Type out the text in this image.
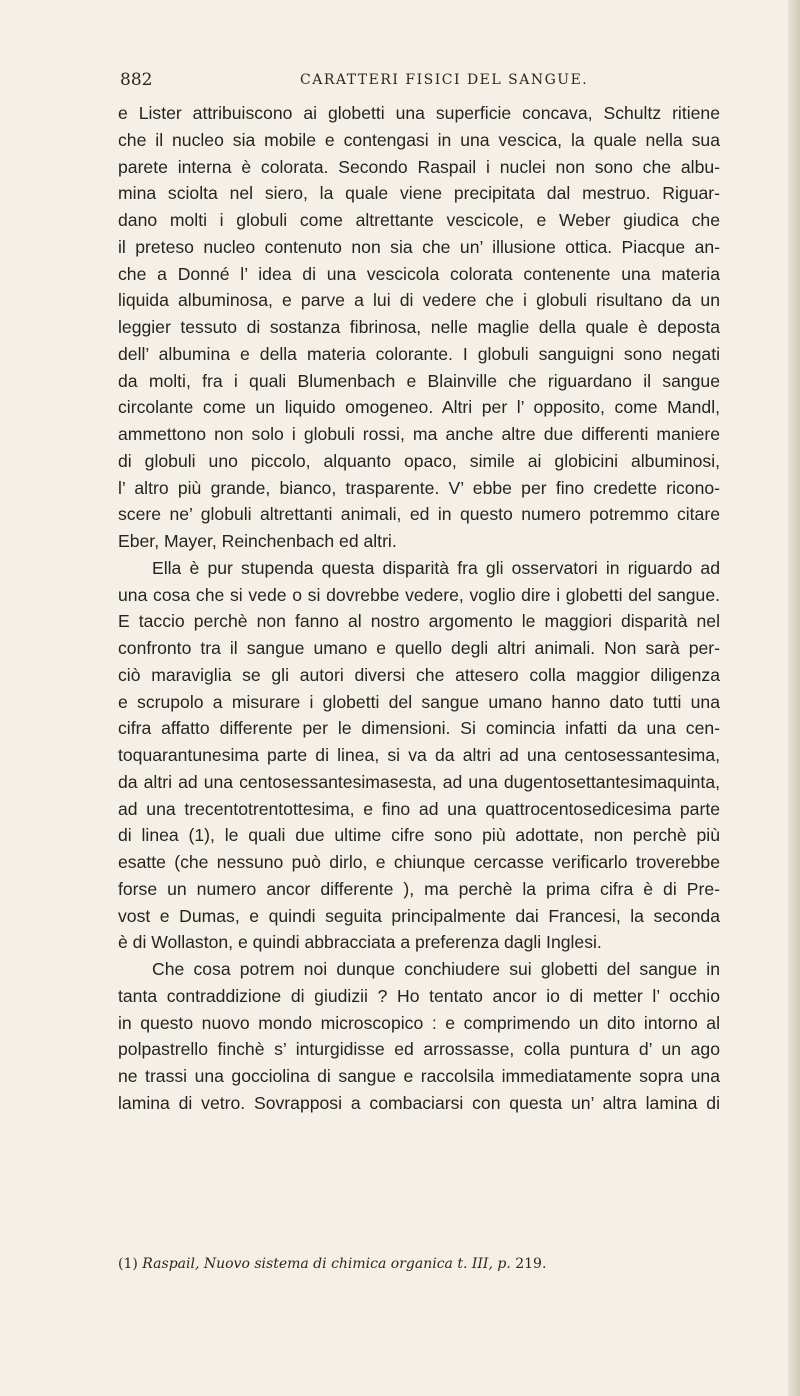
882	CARATTERI FISICI DEL SANGUE.
e Lister attribuiscono ai globetti una superficie concava, Schultz ritiene
che il nucleo sia mobile e contengasi in una vescica, la quale nella sua
parete interna è colorata. Secondo Raspail i nuclei non sono che albu-
mina sciolta nel siero, la quale viene precipitata dal mestruo. Riguar-
dano molti i globuli come altrettante vescicole, e Weber giudica che
il preteso nucleo contenuto non sia che un’ illusione ottica. Piacque an-
che a Donné l’ idea di una vescicola colorata contenente una materia
liquida albuminosa, e parve a lui di vedere che i globuli risultano da un
leggier tessuto di sostanza fibrinosa, nelle maglie della quale è deposta
dell’ albumina e della materia colorante. I globuli sanguigni sono negati
da molti, fra i quali Blumenbach e Blainville che riguardano il sangue
circolante come un liquido omogeneo. Altri per l’ opposito, come Mandl,
ammettono non solo i globuli rossi, ma anche altre due differenti maniere
di globuli uno piccolo, alquanto opaco, simile ai globicini albuminosi,
l’ altro più grande, bianco, trasparente. V’ ebbe per fino credette ricono-
scere ne’ globuli altrettanti animali, ed in questo numero potremmo citare
Eber, Mayer, Reinchenbach ed altri.
Ella è pur stupenda questa disparità fra gli osservatori in riguardo ad
una cosa che si vede o si dovrebbe vedere, voglio dire i globetti del sangue.
E taccio perchè non fanno al nostro argomento le maggiori disparità nel
confronto tra il sangue umano e quello degli altri animali. Non sarà per-
ciò maraviglia se gli autori diversi che attesero colla maggior diligenza
e scrupolo a misurare i globetti del sangue umano hanno dato tutti una
cifra affatto differente per le dimensioni. Si comincia infatti da una cen-
toquarantunesima parte di linea, si va da altri ad una centosessantesima,
da altri ad una centosessantesimasesta, ad una dugentosettantesimaquinta,
ad una trecentotrentottesima, e fino ad una quattrocentosedicesima parte
di linea (1), le quali due ultime cifre sono più adottate, non perchè più
esatte (che nessuno può dirlo, e chiunque cercasse verificarlo troverebbe
forse un numero ancor differente ), ma perchè la prima cifra è di Pre-
vost e Dumas, e quindi seguita principalmente dai Francesi, la seconda
è di Wollaston, e quindi abbracciata a preferenza dagli Inglesi.
Che cosa potrem noi dunque conchiudere sui globetti del sangue in
tanta contraddizione di giudizii ? Ho tentato ancor io di metter l’ occhio
in questo nuovo mondo microscopico : e comprimendo un dito intorno al
polpastrello finchè s’ inturgidisse ed arrossasse, colla puntura d’ un ago
ne trassi una gocciolina di sangue e raccolsila immediatamente sopra una
lamina di vetro. Sovrapposi a combaciarsi con questa un’ altra lamina di
(1) Raspail, Nuovo sistema di chimica organica t. III, p. 219.
